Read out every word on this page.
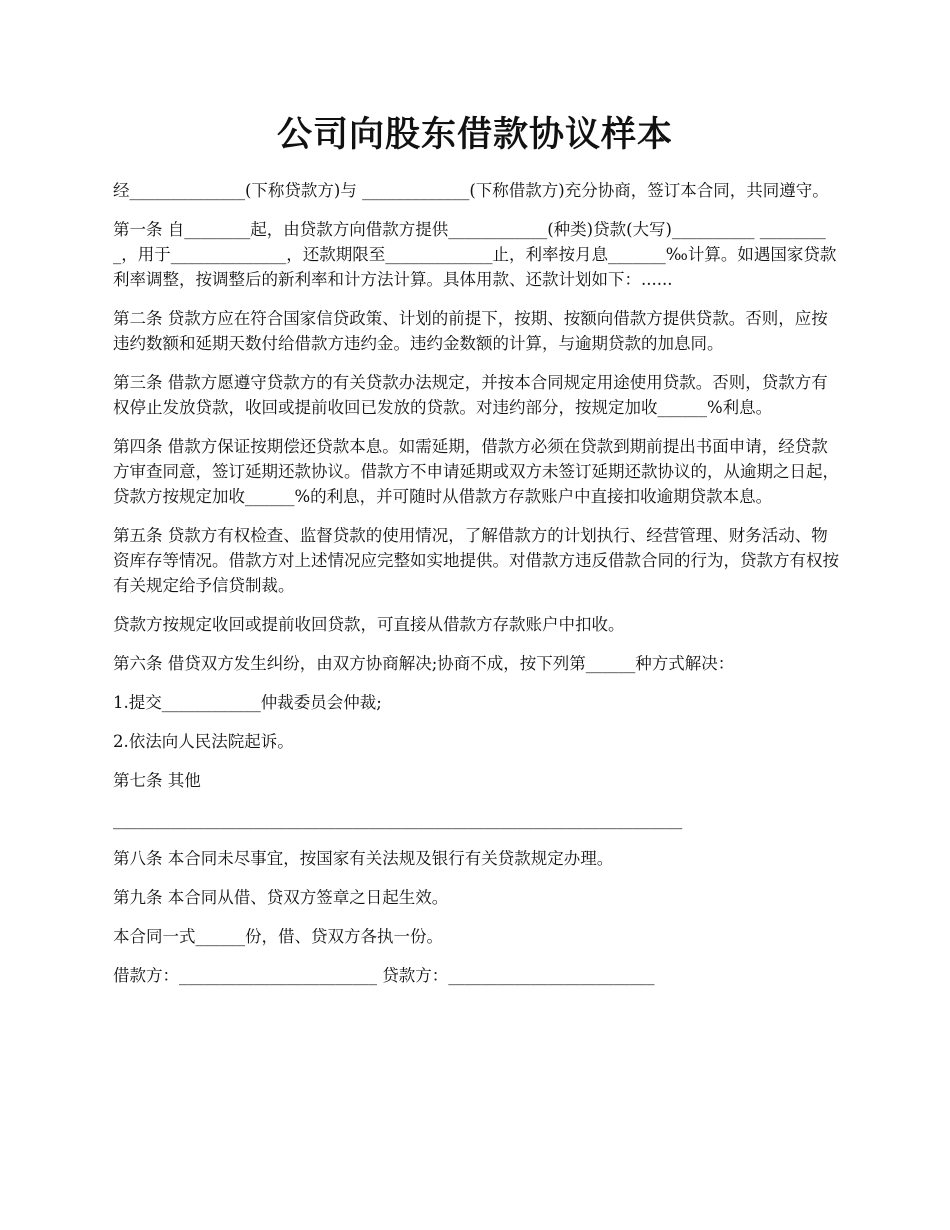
公司向股东借款协议样本

经______________(下称贷款方)与 _____________(下称借款方)充分协商，签订本合同，共同遵守。

第一条 自________起，由贷款方向借款方提供____________(种类)贷款(大写)__________ _________，用于______________，还款期限至_____________止，利率按月息_______‰计算。如遇国家贷款利率调整，按调整后的新利率和计方法计算。具体用款、还款计划如下：......

第二条 贷款方应在符合国家信贷政策、计划的前提下，按期、按额向借款方提供贷款。否则，应按违约数额和延期天数付给借款方违约金。违约金数额的计算，与逾期贷款的加息同。

第三条 借款方愿遵守贷款方的有关贷款办法规定，并按本合同规定用途使用贷款。否则，贷款方有权停止发放贷款，收回或提前收回已发放的贷款。对违约部分，按规定加收______%利息。

第四条 借款方保证按期偿还贷款本息。如需延期，借款方必须在贷款到期前提出书面申请，经贷款方审查同意，签订延期还款协议。借款方不申请延期或双方未签订延期还款协议的，从逾期之日起，贷款方按规定加收______%的利息，并可随时从借款方存款账户中直接扣收逾期贷款本息。

第五条 贷款方有权检查、监督贷款的使用情况，了解借款方的计划执行、经营管理、财务活动、物资库存等情况。借款方对上述情况应完整如实地提供。对借款方违反借款合同的行为，贷款方有权按有关规定给予信贷制裁。

贷款方按规定收回或提前收回贷款，可直接从借款方存款账户中扣收。

第六条 借贷双方发生纠纷，由双方协商解决;协商不成，按下列第______种方式解决：

1.提交____________仲裁委员会仲裁;

2.依法向人民法院起诉。

第七条 其他

_____________________________________________________________________

第八条 本合同未尽事宜，按国家有关法规及银行有关贷款规定办理。

第九条 本合同从借、贷双方签章之日起生效。

本合同一式______份，借、贷双方各执一份。

借款方：________________________ 贷款方：_________________________
